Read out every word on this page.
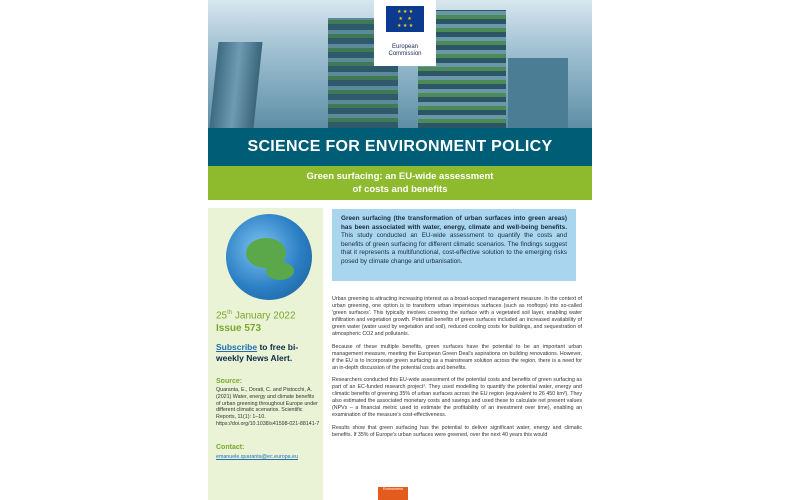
★ ★ ★ ★ ★ ★ ★ ★
European
Commission
SCIENCE FOR ENVIRONMENT POLICY
Green surfacing: an EU-wide assessment
of costs and benefits
25th January 2022
Issue 573
Subscribe to free bi-weekly News Alert.
Source:
Quaranta, E., Dorati, C. and Pistocchi, A. (2021) Water, energy and climate benefits of urban greening throughout Europe under different climatic scenarios. Scientific Reports, 11(1): 1–10. https://doi.org/10.1038/s41598-021-88141-7
Contact:
emanuele.quaranta@ec.europa.eu
Green surfacing (the transformation of urban surfaces into green areas) has been associated with water, energy, climate and well-being benefits. This study conducted an EU-wide assessment to quantify the costs and benefits of green surfacing for different climatic scenarios. The findings suggest that it represents a multifunctional, cost-effective solution to the emerging risks posed by climate change and urbanisation.

Urban greening is attracting increasing interest as a broad-scoped management measure. In the context of urban greening, one option is to transform urban impervious surfaces (such as rooftops) into so-called 'green surfaces'. This typically involves covering the surface with a vegetated soil layer, enabling water infiltration and vegetation growth. Potential benefits of green surfaces included an increased availability of green water (water used by vegetation and soil), reduced cooling costs for buildings, and sequestration of atmospheric CO2 and pollutants.

Because of these multiple benefits, green surfaces have the potential to be an important urban management measure, meeting the European Green Deal's aspirations on building renovations. However, if the EU is to incorporate green surfacing as a mainstream solution across the region, there is a need for an in-depth discussion of the potential costs and benefits.

Researchers conducted this EU-wide assessment of the potential costs and benefits of green surfacing as part of an EC-funded research project¹. They used modelling to quantify the potential water, energy and climatic benefits of greening 35% of urban surfaces across the EU region (equivalent to 26 450 km²). They also estimated the associated monetary costs and savings and used these to calculate net present values (NPVs – a financial metric used to estimate the profitability of an investment over time), enabling an examination of the measure's cost-effectiveness.

Results show that green surfacing has the potential to deliver significant water, energy and climatic benefits. If 35% of Europe's urban surfaces were greened, over the next 40 years this would

Environment
